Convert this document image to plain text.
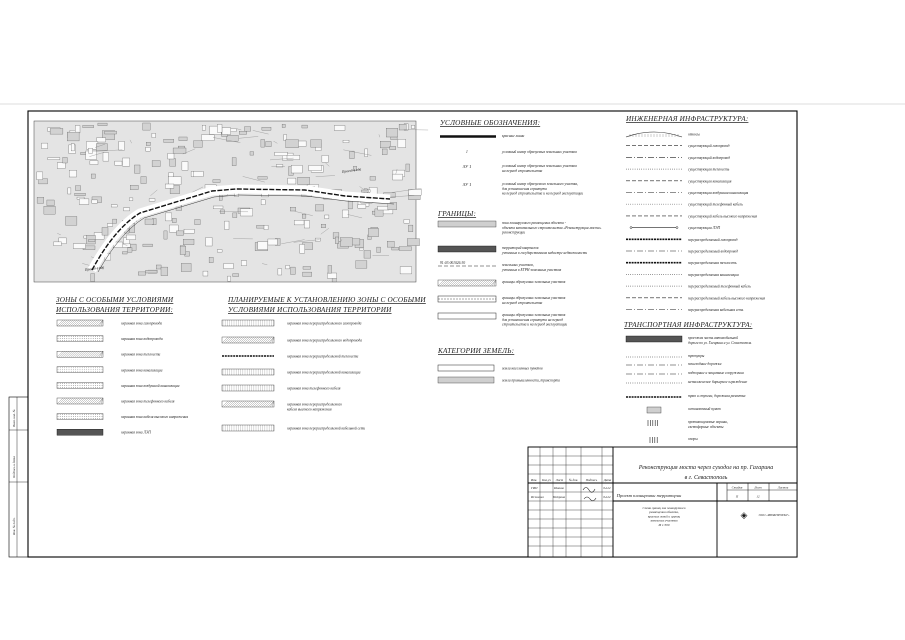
Проезд в оба
Проезд в оба
ЗОНЫ С ОСОБЫМИ УСЛОВИЯМИ
ИСПОЛЬЗОВАНИЯ ТЕРРИТОРИИ:
охранная зона газопровода
охранная зона водопровода
охранная зона теплосети
охранная зона канализации
охранная зона воздушной канализации
охранная зона телефонного кабеля
охранная зона кабеля высокого напряжения
охранная зона ЛЭП
ПЛАНИРУЕМЫЕ К УСТАНОВЛЕНИЮ ЗОНЫ С ОСОБЫМИ
УСЛОВИЯМИ ИСПОЛЬЗОВАНИЯ ТЕРРИТОРИИ
охранная зона перераспределяемого газопровода
охранная зона перераспределяемого водопровода
охранная зона перераспределяемой теплосети
охранная зона перераспределяемой канализации
охранная зона телефонного кабеля
охранная зона перераспределяемого
кабеля высокого напряжения
охранная зона перераспределяемой кабельной сети
УСЛОВНЫЕ ОБОЗНАЧЕНИЯ:
красные линии
1	условный номер образуемых земельных участков
ЗУ 1	условный номер образуемых земельных участков
на период строительства
ЗУ 1	условный номер образуемого земельного участка,
для установления сервитута
на период строительства и на период эксплуатации
ГРАНИЦЫ:
зона планируемого размещения объекта -
объекта капитального строительства «Реконструкция моста»
реконструкции
территорий кварталов
учтенных в государственном кадастре недвижимости
земельных участков,
учтенных в ЕГРН земельных участков
границы образуемых земельных участков
границы образуемых земельных участков
на период строительства
границы образуемых земельных участков
для установления сервитута на период
строительства и на период эксплуатации
91:03:001026:30
КАТЕГОРИИ ЗЕМЕЛЬ:
земли населенных пунктов
земли промышленности, транспорта
ИНЖЕНЕРНАЯ ИНФРАСТРУКТУРА:
откосы
существующий газопровод
существующий водопровод
существующая теплосеть
существующая канализация
существующая воздушная канализация
существующий телефонный кабель
существующий кабель высокого напряжения
существующая ЛЭП
перераспределяемый газопровод
перераспределяемый водопровод
перераспределяемая теплосеть
перераспределяемая канализация
перераспределяемый телефонный кабель
перераспределяемый кабель высокого напряжения
перераспределяемая кабельная сеть
ТРАНСПОРТНАЯ ИНФРАСТРУКТУРА:
проезжая часть автомобильной
дороги по ул. Гагарина и ул. Севастополь
тротуары
пешеходные дорожки
подпорные и защитные сооружения
металлическое барьерное ограждение
трап и ступени, дорожная разметка
остановочный пункт
противошумовые экраны,
светофорные объекты
опоры
Взам. инв. №
Подпись и дата
Инв. № подл.
Изм.	Кол.уч	Лист	№ док.	Подпись	Дата
ГИП	Иванов	04.22
Исполнил	Петрова	04.22
Стадия
П
Лист
12
Листов
Реконструкция моста через суходол на пр. Гагарина
в г. Севастополь
Проект планировки территории
Схема границ зон планируемого
размещения объекта,
красных линий и границ
земельных участков
М 1:500
◈	ООО «ИНЖПРОЕКТ»
